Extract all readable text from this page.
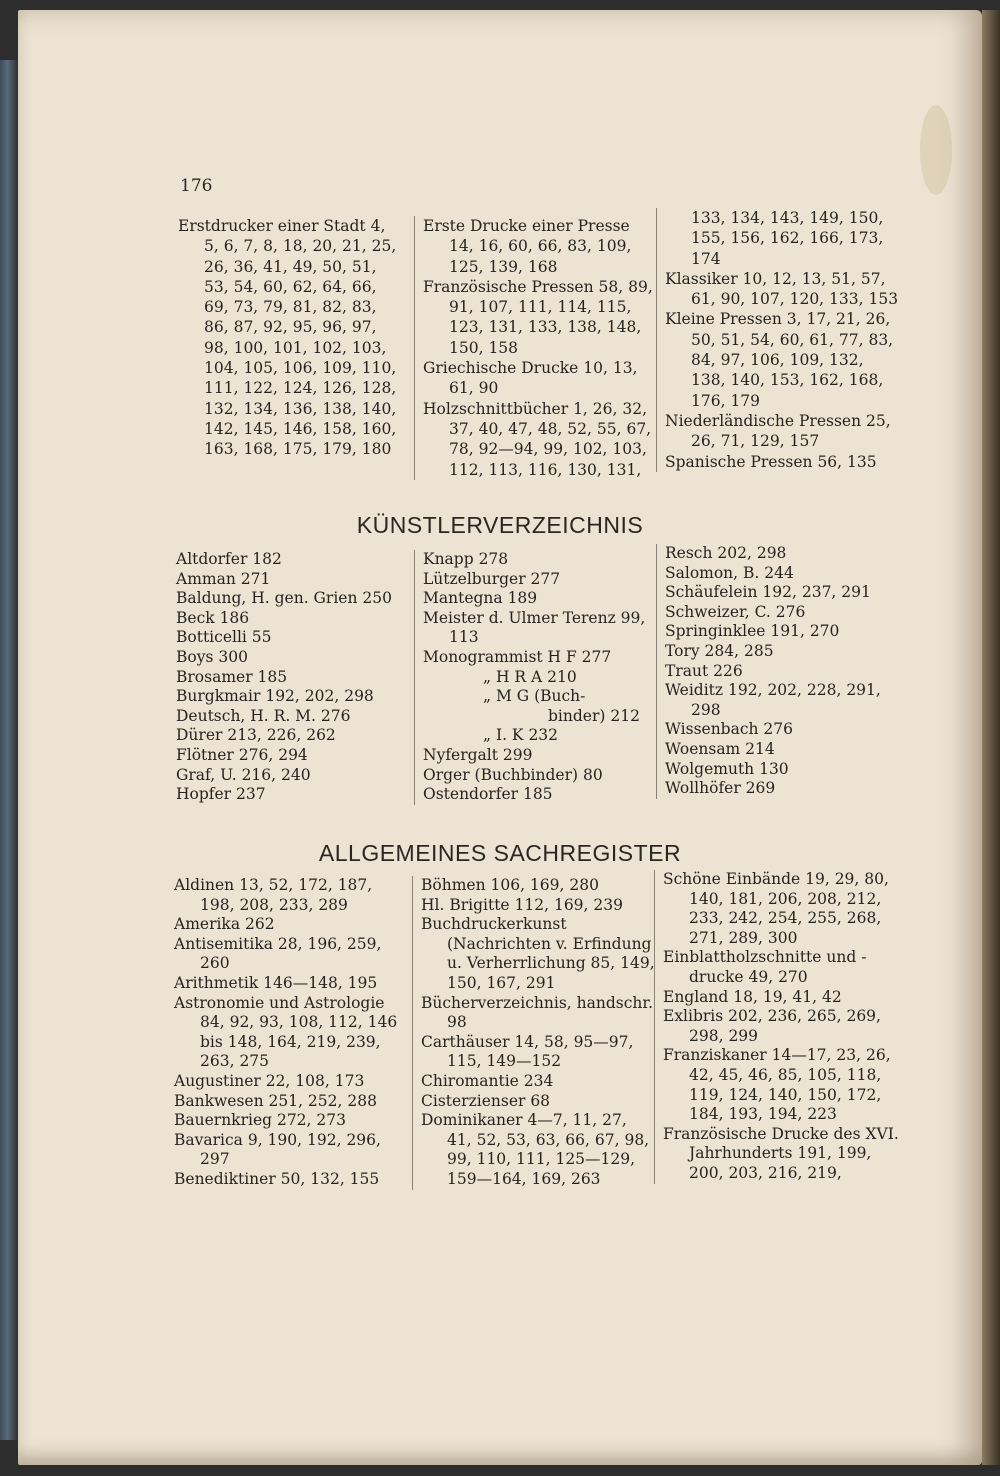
176
Erstdrucker einer Stadt 4, 5, 6, 7, 8, 18, 20, 21, 25, 26, 36, 41, 49, 50, 51, 53, 54, 60, 62, 64, 66, 69, 73, 79, 81, 82, 83, 86, 87, 92, 95, 96, 97, 98, 100, 101, 102, 103, 104, 105, 106, 109, 110, 111, 122, 124, 126, 128, 132, 134, 136, 138, 140, 142, 145, 146, 158, 160, 163, 168, 175, 179, 180
Erste Drucke einer Presse 14, 16, 60, 66, 83, 109, 125, 139, 168
Französische Pressen 58, 89, 91, 107, 111, 114, 115, 123, 131, 133, 138, 148, 150, 158
Griechische Drucke 10, 13, 61, 90
Holzschnittbücher 1, 26, 32, 37, 40, 47, 48, 52, 55, 67, 78, 92—94, 99, 102, 103, 112, 113, 116, 130, 131,
133, 134, 143, 149, 150, 155, 156, 162, 166, 173, 174
Klassiker 10, 12, 13, 51, 57, 61, 90, 107, 120, 133, 153
Kleine Pressen 3, 17, 21, 26, 50, 51, 54, 60, 61, 77, 83, 84, 97, 106, 109, 132, 138, 140, 153, 162, 168, 176, 179
Niederländische Pressen 25, 26, 71, 129, 157
Spanische Pressen 56, 135
KÜNSTLERVERZEICHNIS
Altdorfer 182
Amman 271
Baldung, H. gen. Grien 250
Beck 186
Botticelli 55
Boys 300
Brosamer 185
Burgkmair 192, 202, 298
Deutsch, H. R. M. 276
Dürer 213, 226, 262
Flötner 276, 294
Graf, U. 216, 240
Hopfer 237
Knapp 278
Lützelburger 277
Mantegna 189
Meister d. Ulmer Terenz 99, 113
Monogrammist H F 277
„ H R A 210
„ M G (Buch-
binder) 212
„ I. K 232
Nyfergalt 299
Orger (Buchbinder) 80
Ostendorfer 185
Resch 202, 298
Salomon, B. 244
Schäufelein 192, 237, 291
Schweizer, C. 276
Springinklee 191, 270
Tory 284, 285
Traut 226
Weiditz 192, 202, 228, 291, 298
Wissenbach 276
Woensam 214
Wolgemuth 130
Wollhöfer 269
ALLGEMEINES SACHREGISTER
Aldinen 13, 52, 172, 187, 198, 208, 233, 289
Amerika 262
Antisemitika 28, 196, 259, 260
Arithmetik 146—148, 195
Astronomie und Astrologie 84, 92, 93, 108, 112, 146 bis 148, 164, 219, 239, 263, 275
Augustiner 22, 108, 173
Bankwesen 251, 252, 288
Bauernkrieg 272, 273
Bavarica 9, 190, 192, 296, 297
Benediktiner 50, 132, 155
Böhmen 106, 169, 280
Hl. Brigitte 112, 169, 239
Buchdruckerkunst (Nachrichten v. Erfindung u. Verherrlichung 85, 149, 150, 167, 291
Bücherverzeichnis, handschr. 98
Carthäuser 14, 58, 95—97, 115, 149—152
Chiromantie 234
Cisterzienser 68
Dominikaner 4—7, 11, 27, 41, 52, 53, 63, 66, 67, 98, 99, 110, 111, 125—129, 159—164, 169, 263
Schöne Einbände 19, 29, 80, 140, 181, 206, 208, 212, 233, 242, 254, 255, 268, 271, 289, 300
Einblattholzschnitte und -drucke 49, 270
England 18, 19, 41, 42
Exlibris 202, 236, 265, 269, 298, 299
Franziskaner 14—17, 23, 26, 42, 45, 46, 85, 105, 118, 119, 124, 140, 150, 172, 184, 193, 194, 223
Französische Drucke des XVI. Jahrhunderts 191, 199, 200, 203, 216, 219,
